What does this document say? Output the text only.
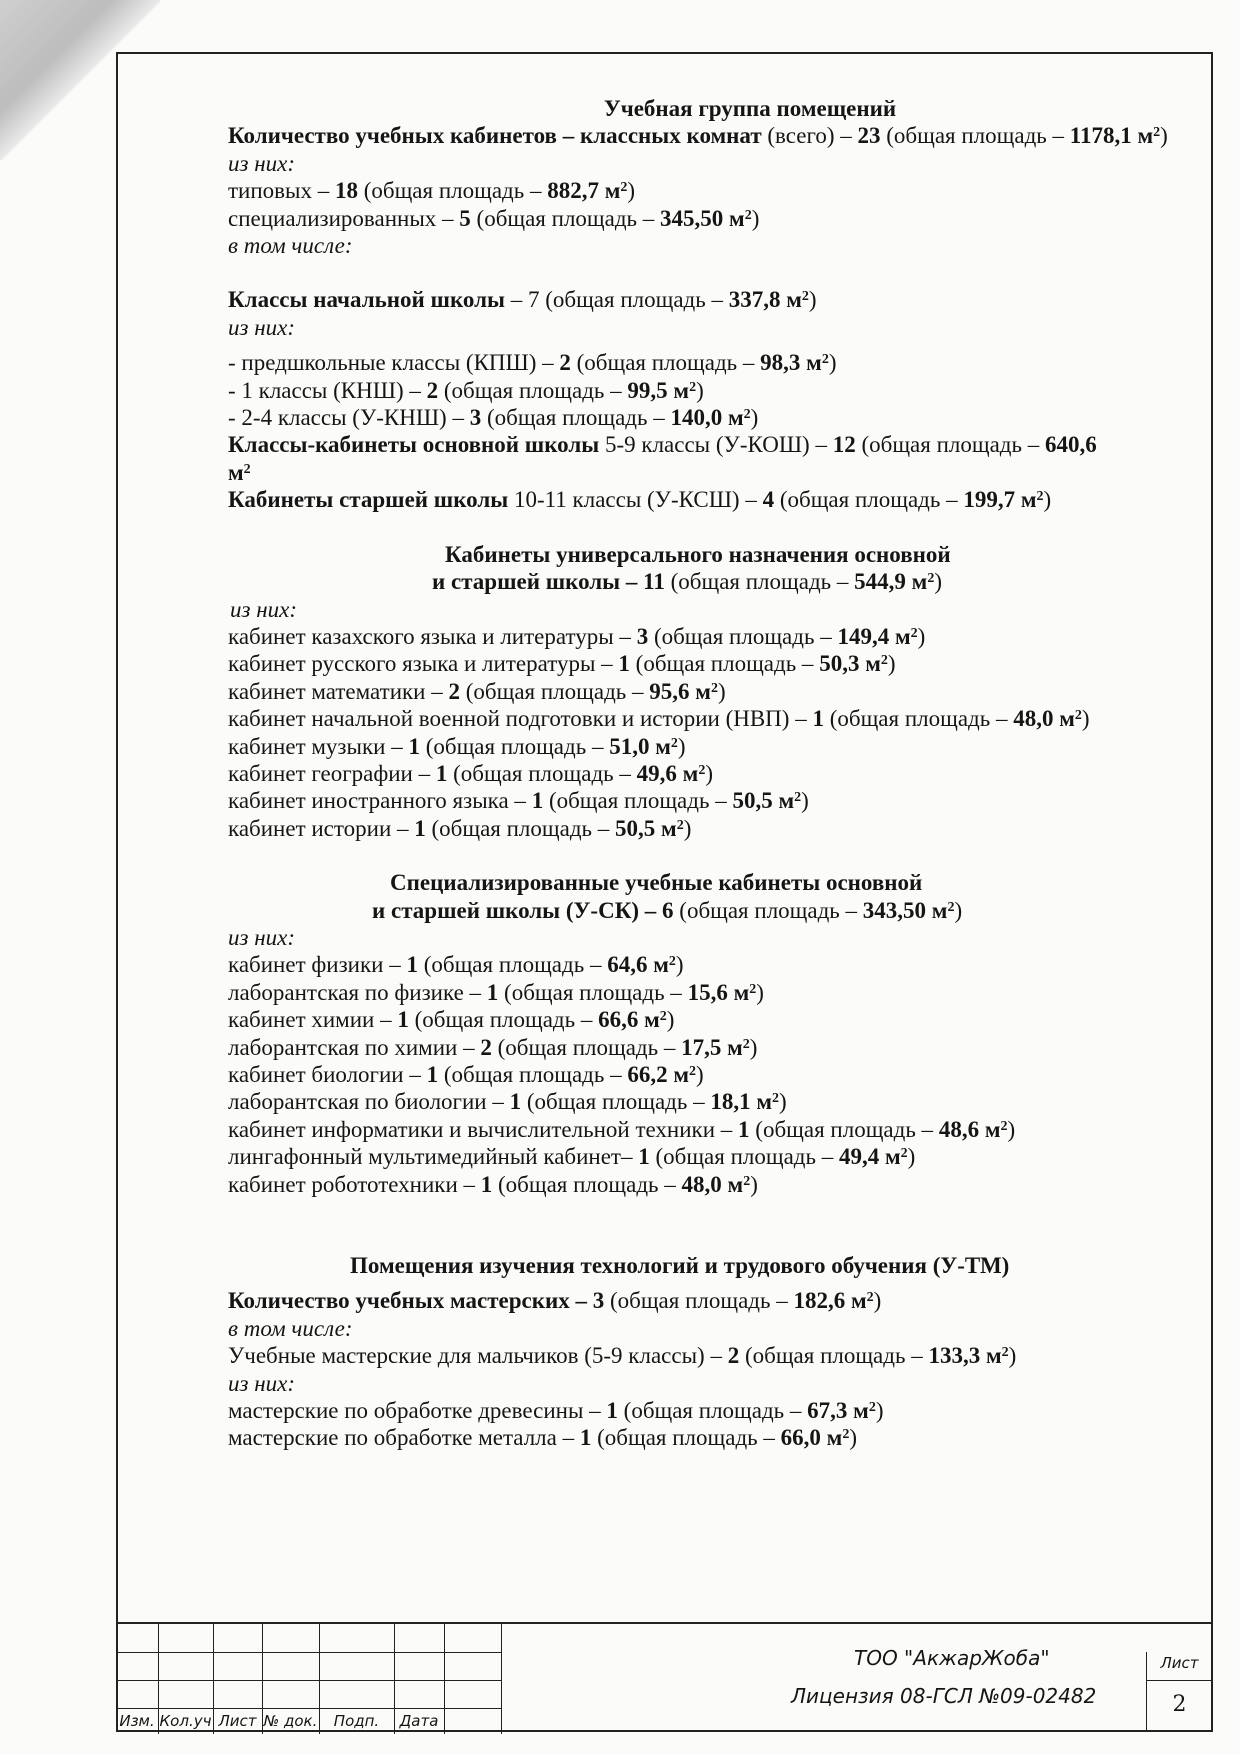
Учебная группа помещений

Количество учебных кабинетов – классных комнат (всего) – 23 (общая площадь – 1178,1 $м^2$)

из них:

типовых – 18 (общая площадь – 882,7 $м^2$)

специализированных – 5 (общая площадь – 345,50 $м^2$)

в том числе:

Классы начальной школы – 7 (общая площадь – 337,8 $м^2$)

из них:

- предшкольные классы (КПШ) – 2 (общая площадь – 98,3 $м^2$)

- 1 классы (КНШ) – 2 (общая площадь – 99,5 $м^2$)

- 2-4 классы (У-КНШ) – 3 (общая площадь – 140,0 $м^2$)

Классы-кабинеты основной школы 5-9 классы (У-КОШ) – 12 (общая площадь – 640,6

$м^2$

Кабинеты старшей школы 10-11 классы (У-КСШ) – 4 (общая площадь – 199,7 $м^2$)

Кабинеты универсального назначения основной

и старшей школы – 11 (общая площадь – 544,9 $м^2$)

из них:

кабинет казахского языка и литературы – 3 (общая площадь – 149,4 $м^2$)

кабинет русского языка и литературы – 1 (общая площадь – 50,3 $м^2$)

кабинет математики – 2 (общая площадь – 95,6 $м^2$)

кабинет начальной военной подготовки и истории (НВП) – 1 (общая площадь – 48,0 $м^2$)

кабинет музыки – 1 (общая площадь – 51,0 $м^2$)

кабинет географии – 1 (общая площадь – 49,6 $м^2$)

кабинет иностранного языка – 1 (общая площадь – 50,5 $м^2$)

кабинет истории – 1 (общая площадь – 50,5 $м^2$)

Специализированные учебные кабинеты основной

и старшей школы (У-СК) – 6 (общая площадь – 343,50 $м^2$)

из них:

кабинет физики – 1 (общая площадь – 64,6 $м^2$)

лаборантская по физике – 1 (общая площадь – 15,6 $м^2$)

кабинет химии – 1 (общая площадь – 66,6 $м^2$)

лаборантская по химии – 2 (общая площадь – 17,5 $м^2$)

кабинет биологии – 1 (общая площадь – 66,2 $м^2$)

лаборантская по биологии – 1 (общая площадь – 18,1 $м^2$)

кабинет информатики и вычислительной техники – 1 (общая площадь – 48,6 $м^2$)

лингафонный мультимедийный кабинет– 1 (общая площадь – 49,4 $м^2$)

кабинет робототехники – 1 (общая площадь – 48,0 $м^2$)

Помещения изучения технологий и трудового обучения (У-ТМ)

Количество учебных мастерских – 3 (общая площадь – 182,6 $м^2$)

в том числе:

Учебные мастерские для мальчиков (5-9 классы) – 2 (общая площадь – 133,3 $м^2$)

из них:

мастерские по обработке древесины – 1 (общая площадь – 67,3 $м^2$)

мастерские по обработке металла – 1 (общая площадь – 66,0 $м^2$)

Изм. Кол.уч Лист № док.	Подп.	Дата
ТОО "АкжарЖоба"
Лицензия 08-ГСЛ №09-02482
Лист
2
